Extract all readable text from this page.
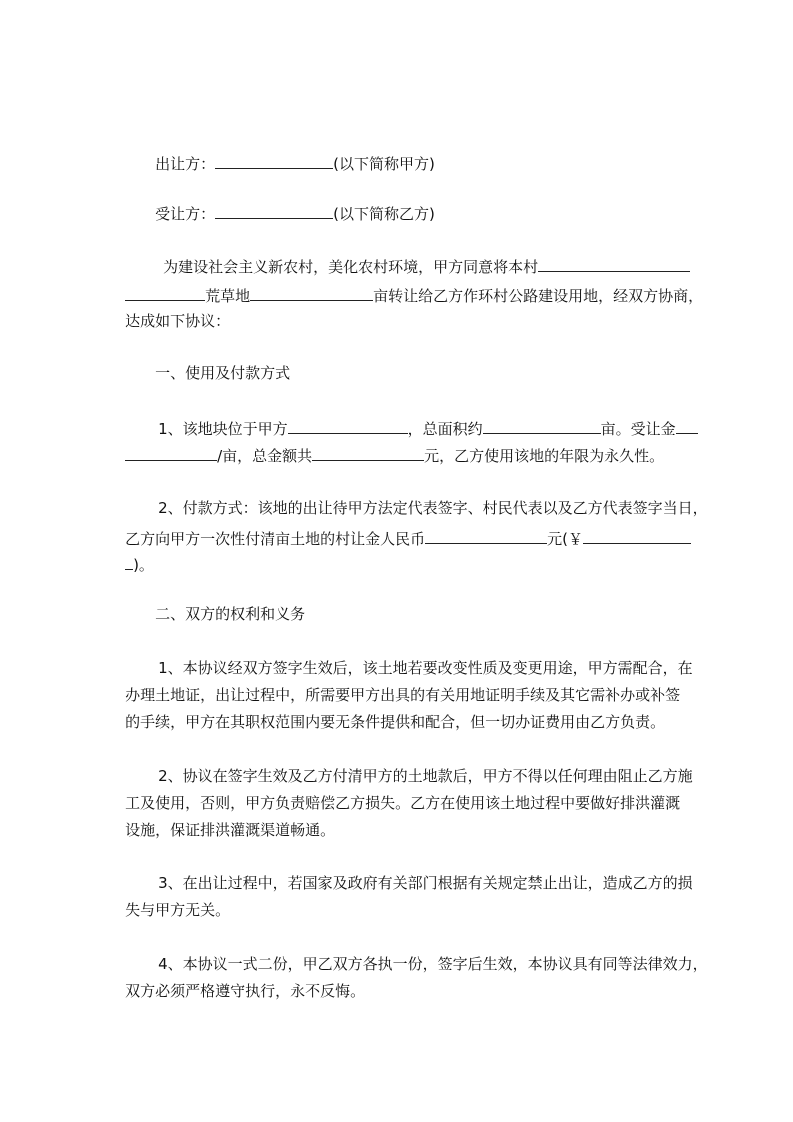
出让方：	(以下简称甲方)

受让方：	(以下简称乙方)

为建设社会主义新农村，美化农村环境，甲方同意将本村

荒草地	亩转让给乙方作环村公路建设用地，经双方协商，

达成如下协议：

一、使用及付款方式

1、该地块位于甲方	，总面积约	亩。受让金

/亩，总金额共	元，乙方使用该地的年限为永久性。

2、付款方式：该地的出让待甲方法定代表签字、村民代表以及乙方代表签字当日，

乙方向甲方一次性付清亩土地的村让金人民币	元(￥

)。

二、双方的权利和义务

1、本协议经双方签字生效后，该土地若要改变性质及变更用途，甲方需配合，在

办理土地证，出让过程中，所需要甲方出具的有关用地证明手续及其它需补办或补签

的手续，甲方在其职权范围内要无条件提供和配合，但一切办证费用由乙方负责。

2、协议在签字生效及乙方付清甲方的土地款后，甲方不得以任何理由阻止乙方施

工及使用，否则，甲方负责赔偿乙方损失。乙方在使用该土地过程中要做好排洪灌溉

设施，保证排洪灌溉渠道畅通。

3、在出让过程中，若国家及政府有关部门根据有关规定禁止出让，造成乙方的损

失与甲方无关。

4、本协议一式二份，甲乙双方各执一份，签字后生效，本协议具有同等法律效力，

双方必须严格遵守执行，永不反悔。
